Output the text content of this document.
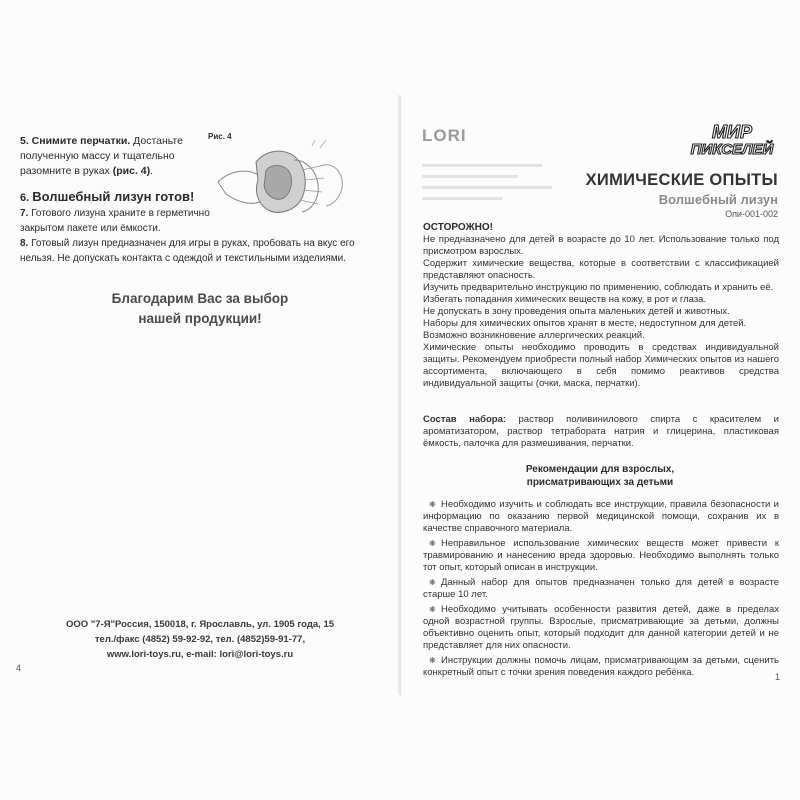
5. Снимите перчатки. Достаньте полученную массу и тщательно разомните в руках (рис. 4).
Рис. 4
6. Волшебный лизун готов!
7. Готового лизуна храните в герметично закрытом пакете или ёмкости.
8. Готовый лизун предназначен для игры в руках, пробовать на вкус его нельзя. Не допускать контакта с одеждой и текстильными изделиями.
Благодарим Вас за выбор
нашей продукции!
ООО "7-Я"Россия, 150018, г. Ярославль, ул. 1905 года, 15
тел./факс (4852) 59-92-92, тел. (4852)59-91-77,
www.lori-toys.ru, e-mail: lori@lori-toys.ru
4
LORI	МИР
ПИКСЕЛЕЙ
ХИМИЧЕСКИЕ ОПЫТЫ
Волшебный лизун
Опи-001-002
ОСТОРОЖНО!

Не предназначено для детей в возрасте до 10 лет. Использование только под присмотром взрослых.

Содержит химические вещества, которые в соответствии с классификацией представляют опасность.

Изучить предварительно инструкцию по применению, соблюдать и хранить её.

Избегать попадания химических веществ на кожу, в рот и глаза.

Не допускать в зону проведения опыта маленьких детей и животных.

Наборы для химических опытов хранят в месте, недоступном для детей.

Возможно возникновение аллергических реакций.

Химические опыты необходимо проводить в средствах индивидуальной защиты. Рекомендуем приобрести полный набор Химических опытов из нашего ассортимента, включающего в себя помимо реактивов средства индивидуальной защиты (очки, маска, перчатки).

Состав набора: раствор поливинилового спирта с красителем и ароматизатором, раствор тетрабората натрия и глицерина, пластиковая ёмкость, палочка для размешивания, перчатки.
Рекомендации для взрослых,
присматривающих за детьми

❋ Необходимо изучить и соблюдать все инструкции, правила безопасности и информацию по оказанию первой медицинской помощи, сохранив их в качестве справочного материала.

❋ Неправильное использование химических веществ может привести к травмированию и нанесению вреда здоровью. Необходимо выполнять только тот опыт, который описан в инструкции.

❋ Данный набор для опытов предназначен только для детей в возрасте старше 10 лет.

❋ Необходимо учитывать особенности развития детей, даже в пределах одной возрастной группы. Взрослые, присматривающие за детьми, должны объективно оценить опыт, который подходит для данной категории детей и не представляет для них опасности.

❋ Инструкции должны помочь лицам, присматривающим за детьми, сценить конкретный опыт с точки зрения поведения каждого ребёнка.	1
